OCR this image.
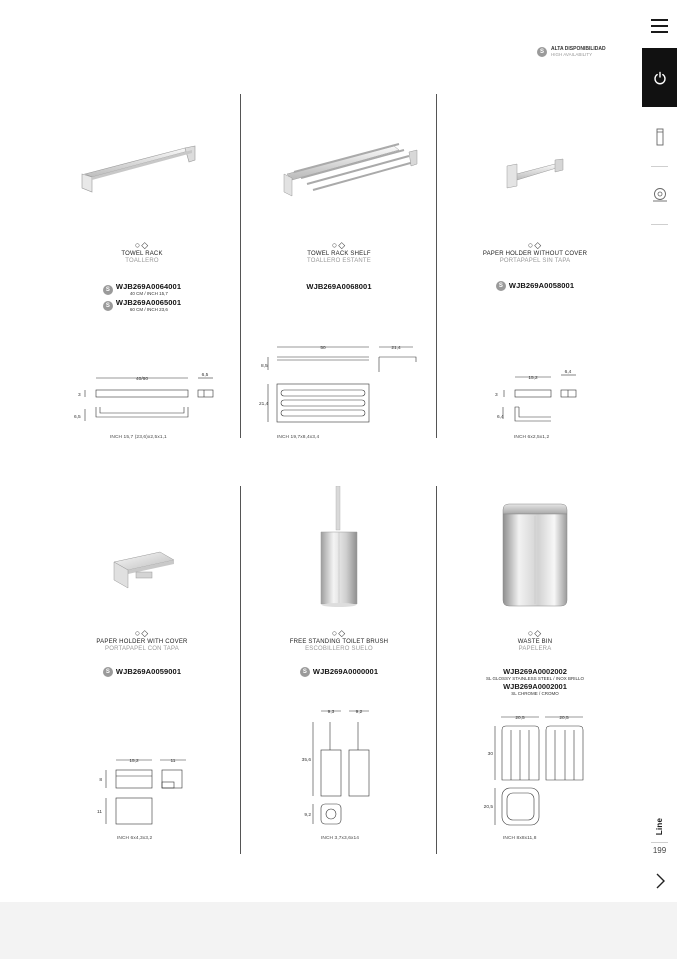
S	ALTA DISPONIBILIDAD
HIGH AVAILABILITY
○◇
TOWEL RACK
TOALLERO
S WJB269A0064001
40 CM / INCH 15,7
S WJB269A0065001
60 CM / INCH 23,6
40/60
6,5
3
6,5
INCH 15,7 (23,6)x2,5x1,1
○◇
TOWEL RACK SHELF
TOALLERO ESTANTE
WJB269A0068001
50	21,4
8,5
21,4
INCH 19,7x8,4x3,4
○◇
PAPER HOLDER WITHOUT COVER
PORTAPAPEL SIN TAPA
S WJB269A0058001
15,2
6,4
3
6,4
INCH 6x2,5x1,2
○◇
PAPER HOLDER WITH COVER
PORTAPAPEL CON TAPA
S WJB269A0059001
15,2	11
8
11
INCH 6x4,3x3,2
○◇
FREE STANDING TOILET BRUSH
ESCOBILLERO SUELO
S WJB269A0000001
9,3	9,2
35,6
9,2
INCH 3,7x3,6x14
○◇
WASTE BIN
PAPELERA
WJB269A0002002
SL GLOSSY STAINLESS STEEL / INOX BRILLO
WJB269A0002001
SL CHROME / CROMO
20,5	20,5
30
20,5
INCH 8x8x11,8
Line
199
